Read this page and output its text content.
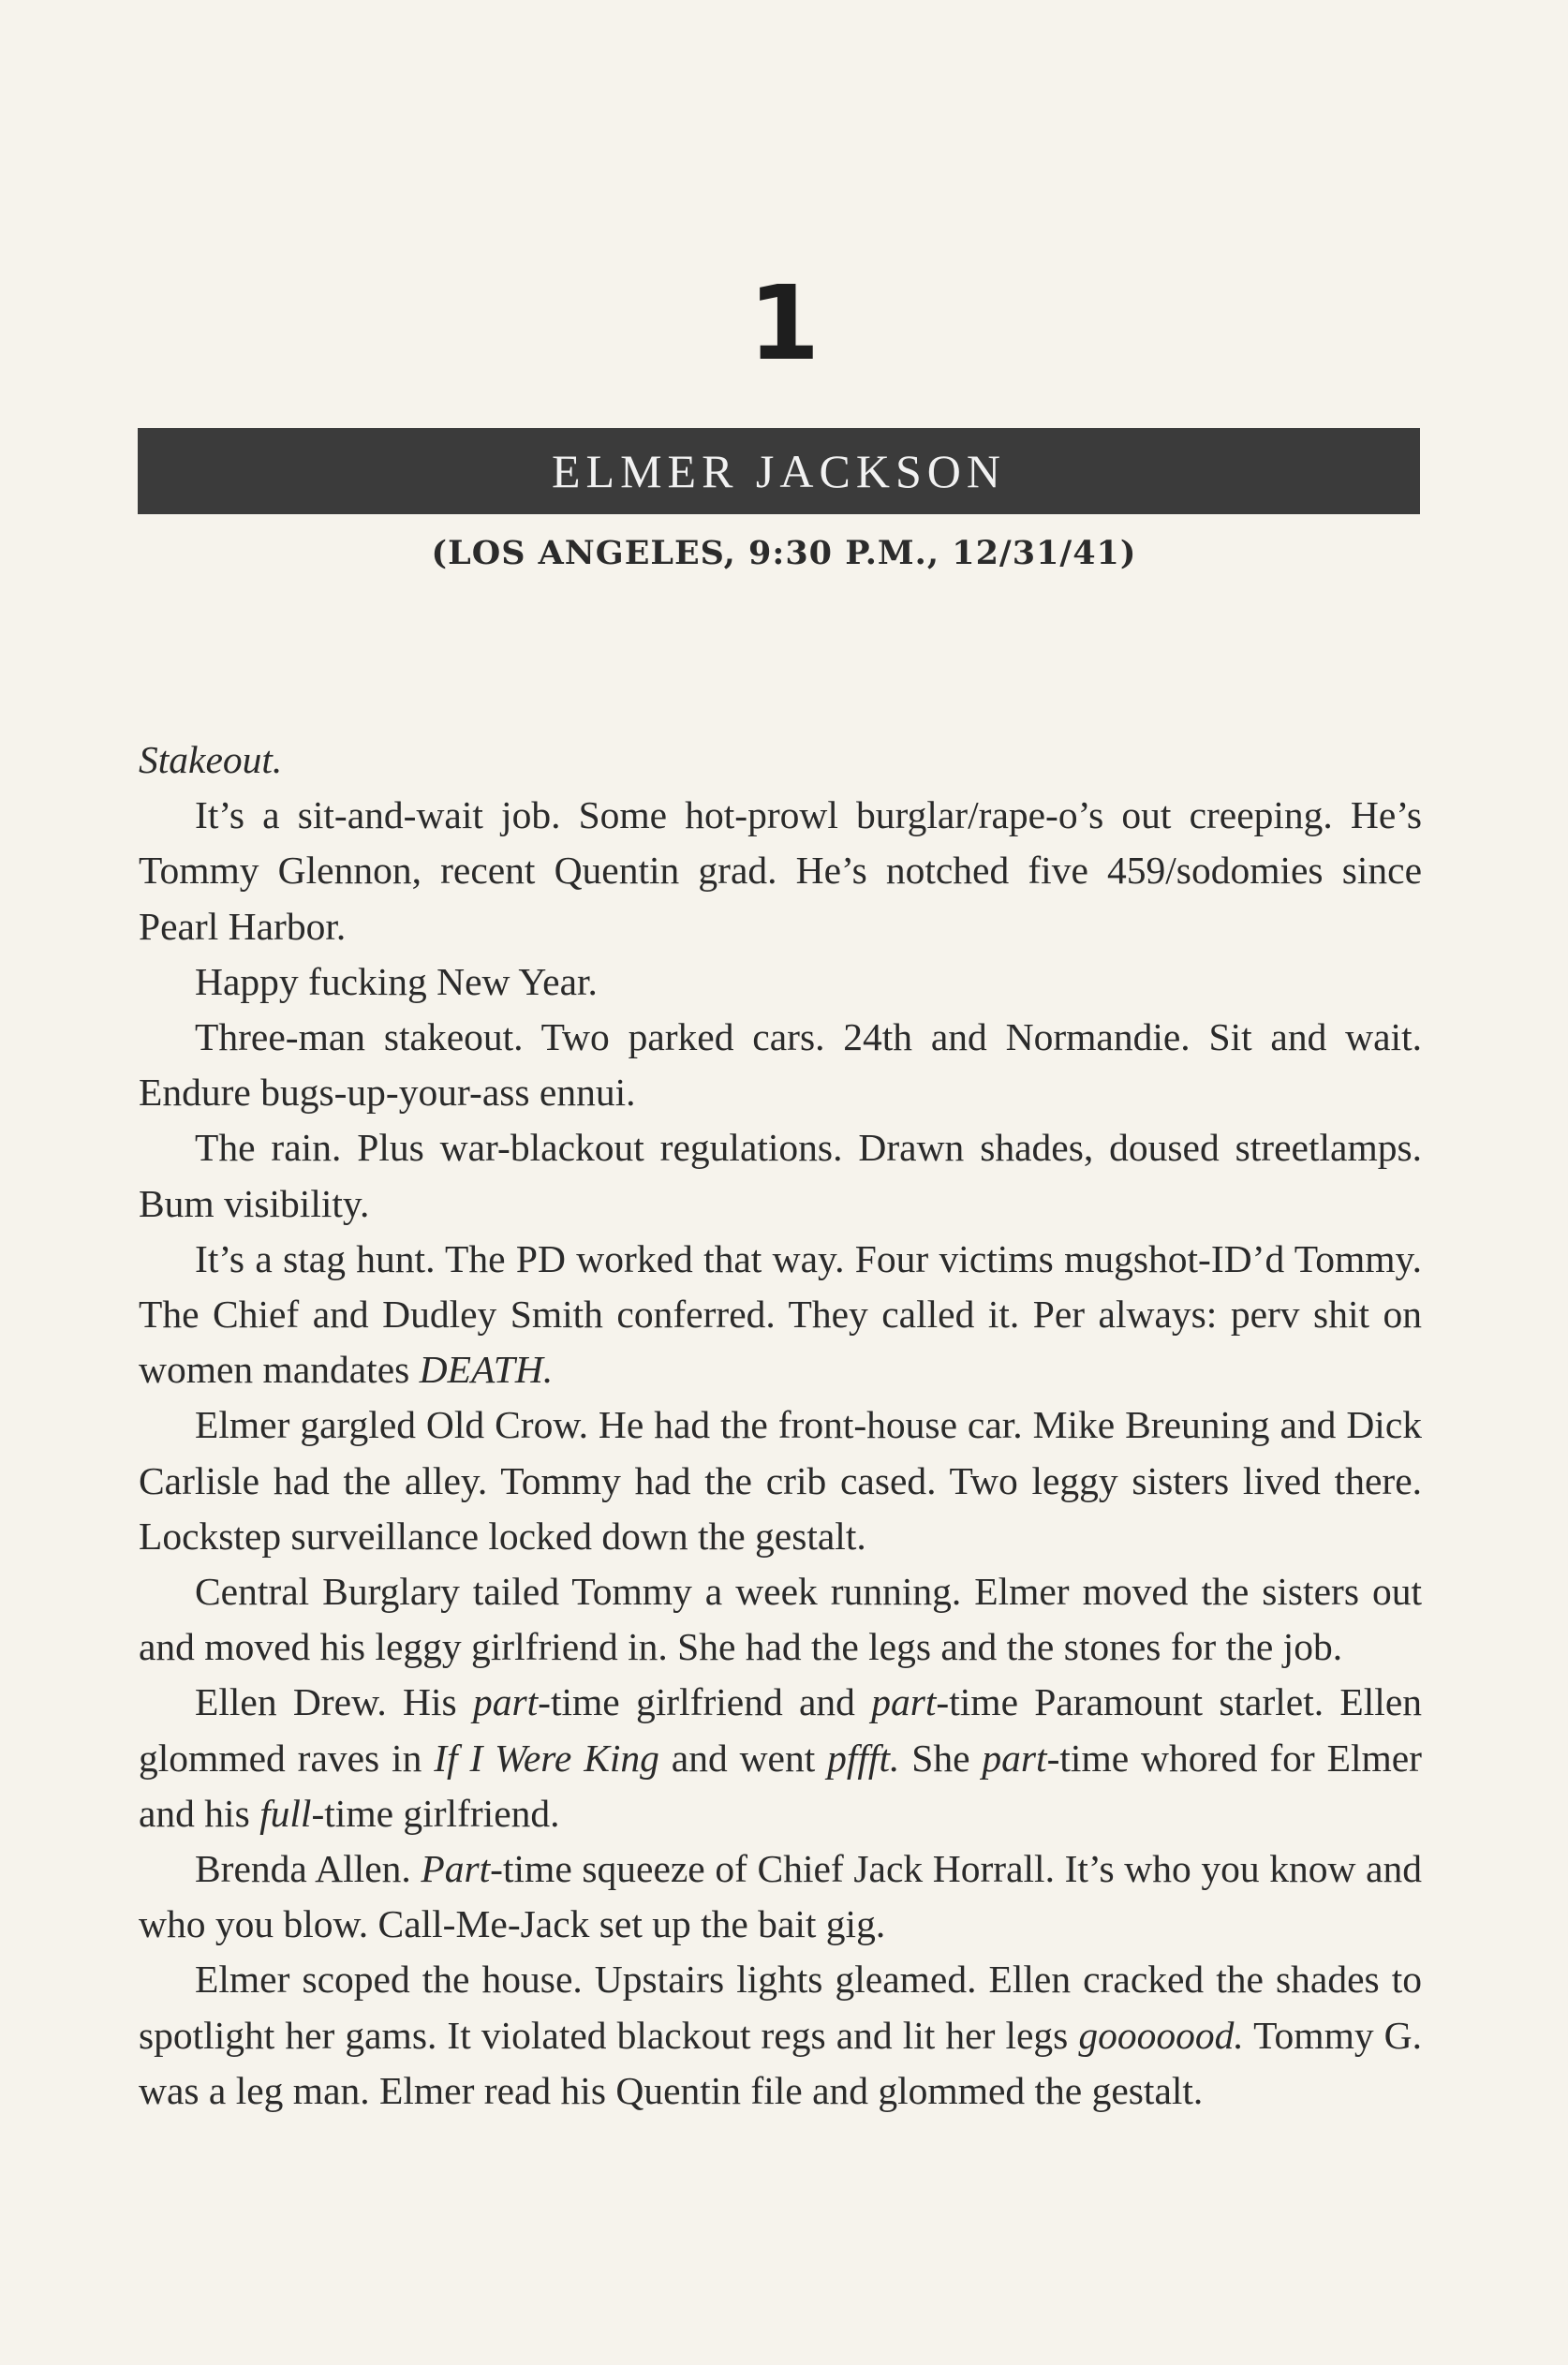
1
ELMER JACKSON
(LOS ANGELES, 9:30 P.M., 12/31/41)

Stakeout.

It’s a sit-and-wait job. Some hot-prowl burglar/rape-o’s out creeping. He’s Tommy Glennon, recent Quentin grad. He’s notched five 459/sodomies since Pearl Harbor.

Happy fucking New Year.

Three-man stakeout. Two parked cars. 24th and Normandie. Sit and wait. Endure bugs-up-your-ass ennui.

The rain. Plus war-blackout regulations. Drawn shades, doused streetlamps. Bum visibility.

It’s a stag hunt. The PD worked that way. Four victims mugshot-ID’d Tommy. The Chief and Dudley Smith conferred. They called it. Per always: perv shit on women mandates DEATH.

Elmer gargled Old Crow. He had the front-house car. Mike Breuning and Dick Carlisle had the alley. Tommy had the crib cased. Two leggy sisters lived there. Lockstep surveillance locked down the gestalt.

Central Burglary tailed Tommy a week running. Elmer moved the sisters out and moved his leggy girlfriend in. She had the legs and the stones for the job.

Ellen Drew. His part-time girlfriend and part-time Paramount starlet. Ellen glommed raves in If I Were King and went pffft. She part-time whored for Elmer and his full-time girlfriend.

Brenda Allen. Part-time squeeze of Chief Jack Horrall. It’s who you know and who you blow. Call-Me-Jack set up the bait gig.

Elmer scoped the house. Upstairs lights gleamed. Ellen cracked the shades to spotlight her gams. It violated blackout regs and lit her legs gooooood. Tommy G. was a leg man. Elmer read his Quentin file and glommed the gestalt.
